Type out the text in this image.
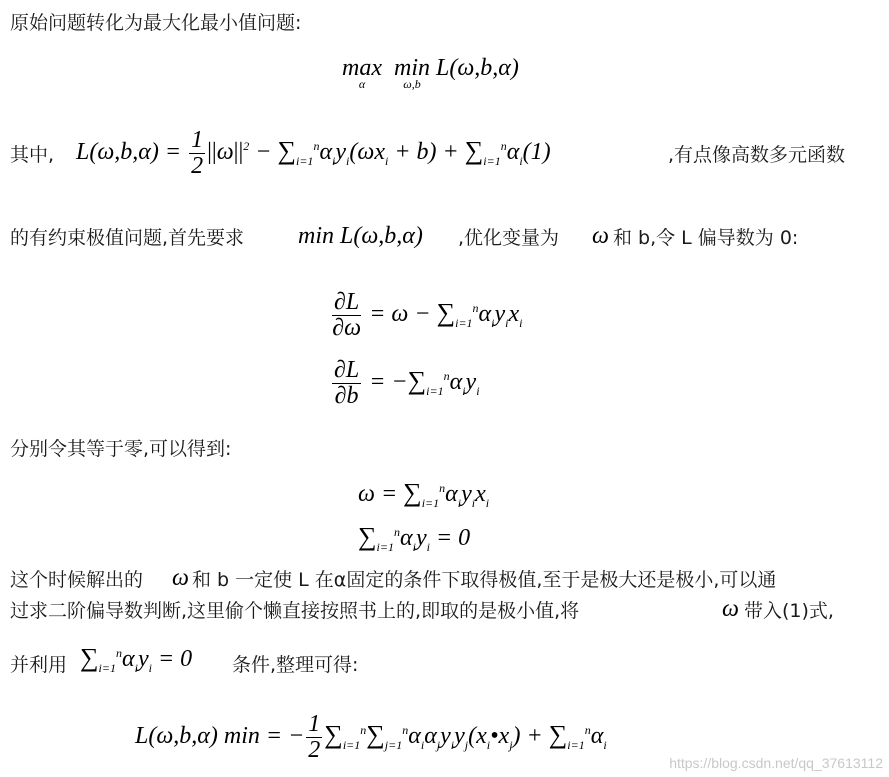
原始问题转化为最大化最小值问题:
max
α
min
ω,b
L(ω,b,α)
其中, $L(\omega,b,\alpha) = \frac{1}{2} ||\omega||^2 - \sum_{i=1}^n\alpha_iy_i(\omega x_i + b) + \sum_{i=1}^n\alpha_i(1)$	,有点像高数多元函数
的有约束极值问题,首先要求 min L(ω,b,α) ,优化变量为 ω 和 b,令 L 偏导数为 0:
$\frac{\partial L}{\partial\omega} = \omega - \sum_{i=1}^n\alpha_iy_ix_i$
$\frac{\partial L}{\partial b} = -\sum_{i=1}^n\alpha_iy_i$
分别令其等于零,可以得到:
$\omega = \sum_{i=1}^n\alpha_iy_ix_i$
$\sum_{i=1}^n\alpha_iy_i = 0$
这个时候解出的 ω 和 b 一定使 L 在α固定的条件下取得极值,至于是极大还是极小,可以通
过求二阶偏导数判断,这里偷个懒直接按照书上的,即取的是极小值,将	ω 带入(1)式,
并利用 $\sum_{i=1}^n\alpha_iy_i = 0$ 条件,整理可得:
L(ω,b,α) min = − $\frac{1}{2}$ $\sum_{i=1}^n\sum_{j=1}^n\alpha_i\alpha_jy_iy_j(x_i•x_j) + \sum_{i=1}^n\alpha_i$
https://blog.csdn.net/qq_37613112
